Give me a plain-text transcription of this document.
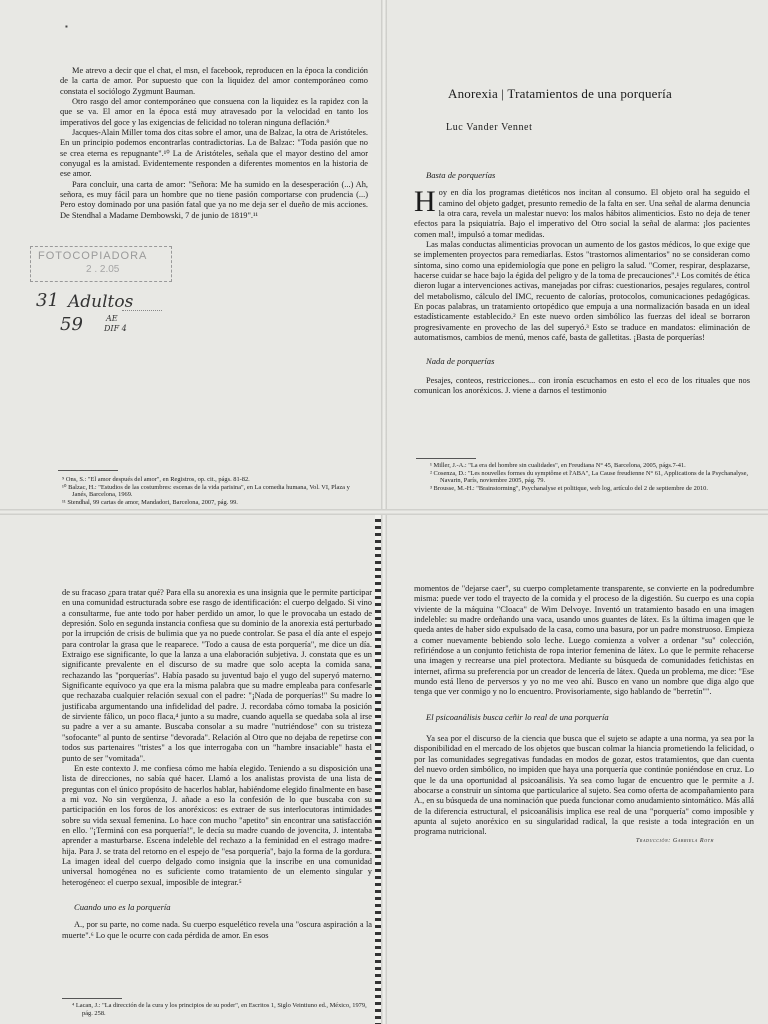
▪

Me atrevo a decir que el chat, el msn, el facebook, reproducen en la época la condición de la carta de amor. Por supuesto que con la liquidez del amor contemporáneo como constata el sociólogo Zygmunt Bauman.

Otro rasgo del amor contemporáneo que consuena con la liquidez es la rapidez con la que se va. El amor en la época está muy atravesado por la velocidad en tanto los imperativos del goce y las exigencias de felicidad no toleran ninguna deflación.⁹

Jacques-Alain Miller toma dos citas sobre el amor, una de Balzac, la otra de Aristóteles. En un principio podemos encontrarlas contradictorias. La de Balzac: "Toda pasión que no se crea eterna es repugnante".¹⁰ La de Aristóteles, señala que el mayor destino del amor conyugal es la amistad. Evidentemente responden a diferentes momentos en la historia de ese amor.

Para concluir, una carta de amor: "Señora: Me ha sumido en la desesperación (...) Ah, señora, es muy fácil para un hombre que no tiene pasión comportarse con prudencia (...) Pero estoy dominado por una pasión fatal que ya no me deja ser el dueño de mis acciones. De Stendhal a Madame Dembowski, 7 de junio de 1819".¹¹

FOTOCOPIADORA
2 . 2.05
31 Adultos
59	AE
DIF 4
⁹ Ons, S.: "El amor después del amor", en Registros, op. cit., págs. 81-82.
¹⁰ Balzac, H.: "Estudios de las costumbres: escenas de la vida parisina", en La comedia humana, Vol. VI, Plaza y Janés, Barcelona, 1969.
¹¹ Stendhal, 99 cartas de amor, Mandadori, Barcelona, 2007, pág. 99.
Anorexia | Tratamientos de una porquería
Luc Vander Vennet

Basta de porquerías

Hoy en día los programas dietéticos nos incitan al consumo. El objeto oral ha seguido el camino del objeto gadget, presunto remedio de la falta en ser. Una señal de alarma denuncia la otra cara, revela un malestar nuevo: los malos hábitos alimenticios. Esto no deja de tener efectos para la psiquiatría. Bajo el imperativo del Otro social la señal de alarma: ¡los pacientes comen mal!, impulsó a tomar medidas.

Las malas conductas alimenticias provocan un aumento de los gastos médicos, lo que exige que se implementen proyectos para remediarlas. Estos "trastornos alimentarios" no se consideran como síntoma, sino como una epidemiología que pone en peligro la salud. "Comer, respirar, desplazarse, hacerse cuidar se hace bajo la égida del peligro y de la toma de precauciones".¹ Los comités de ética dieron lugar a intervenciones activas, manejadas por cifras: cuestionarios, pesajes regulares, control del metabolismo, cálculo del IMC, recuento de calorías, protocolos, comunicaciones pedagógicas. En pocas palabras, un tratamiento ortopédico que empuja a una normalización basada en un ideal estadísticamente establecido.² En este nuevo orden simbólico las fuerzas del ideal se borraron progresivamente en provecho de las del superyó.³ Esto se traduce en mandatos: eliminación de automatismos, cambios de menú, menos café, basta de galletitas. ¡Basta de porquerías!

Nada de porquerías

Pesajes, conteos, restricciones... con ironía escuchamos en esto el eco de los rituales que nos comunican los anoréxicos. J. viene a darnos el testimonio

¹ Miller, J.-A.: "La era del hombre sin cualidades", en Freudiana N° 45, Barcelona, 2005, págs.7-41.
² Cosenza, D.: "Les nouvelles formes du symptôme et l'ABA", La Cause freudienne N° 61, Applications de la Psychanalyse, Navarin, París, noviembre 2005, pág. 79.
³ Brousse, M.-H.: "Brainstorming", Psychanalyse et politique, web log, artículo del 2 de septiembre de 2010.

de su fracaso ¿para tratar qué? Para ella su anorexia es una insignia que le permite participar en una comunidad estructurada sobre ese rasgo de identificación: el cuerpo delgado. Si vino a consultarme, fue ante todo por haber perdido un amor, lo que le provocaba un estado de depresión. Solo en segunda instancia confiesa que su dominio de la anorexia está perturbado por la irrupción de crisis de bulimia que ya no puede controlar. Se pasa el día ante el espejo para controlar la grasa que le reaparece. "Todo a causa de esta porquería", me dice un día. Extraigo ese significante, lo que la lanza a una elaboración subjetiva. J. constata que es un significante prevalente en el discurso de su madre que solo acepta la comida sana, rechazando las "porquerías". Había pasado su juventud bajo el yugo del superyó materno. Significante equívoco ya que era la misma palabra que su madre empleaba para confesarle que rechazaba cualquier relación sexual con el padre: "¡Nada de porquerías!" Su madre lo justificaba argumentando una infidelidad del padre. J. recordaba cómo tomaba la posición de sirviente fálico, un poco flaca,⁴ junto a su madre, cuando aquella se quedaba sola al irse su padre a ver a su amante. Buscaba consolar a su madre "nutriéndose" con su tristeza "sofocante" al punto de sentirse "devorada". Relación al Otro que no dejaba de repetirse con todos sus partenaires "tristes" a los que interrogaba con un "hambre insaciable" hasta el punto de ser "vomitada".

En este contexto J. me confiesa cómo me había elegido. Teniendo a su disposición una lista de direcciones, no sabía qué hacer. Llamó a los analistas provista de una lista de preguntas con el único propósito de hacerlos hablar, habiéndome elegido finalmente en base a mi voz. No sin vergüenza, J. añade a eso la confesión de lo que buscaba con su participación en los foros de los anoréxicos: es extraer de sus interlocutoras intimidades sobre su vida sexual femenina. Lo hace con mucho "apetito" sin encontrar una satisfacción en ello. "¡Terminá con esa porquería!", le decía su madre cuando de jovencita, J. intentaba aprender a masturbarse. Escena indeleble del rechazo a la feminidad en el estrago madre-hija. Para J. se trata del retorno en el espejo de "esa porquería", bajo la forma de la gordura. La imagen ideal del cuerpo delgado como insignia que la inscribe en una comunidad universal homogénea no es suficiente como tratamiento de un elemento singular y heterogéneo: el cuerpo sexual, imposible de integrar.⁵

Cuando uno es la porquería

A., por su parte, no come nada. Su cuerpo esquelético revela una "oscura aspiración a la muerte".⁶ Lo que le ocurre con cada pérdida de amor. En esos

⁴ Lacan, J.: "La dirección de la cura y los principios de su poder", en Escritos 1, Siglo Veintiuno ed., México, 1979, pág. 258.

momentos de "dejarse caer", su cuerpo completamente transparente, se convierte en la podredumbre misma: puede ver todo el trayecto de la comida y el proceso de la digestión. Su cuerpo es una copia viviente de la máquina "Cloaca" de Wim Delvoye. Inventó un tratamiento basado en una imagen indeleble: su madre ordeñando una vaca, usando unos guantes de látex. Es la última imagen que le queda antes de haber sido expulsado de la casa, como una basura, por un padre monstruoso. Empieza a comer nuevamente bebiendo solo leche. Luego comienza a volver a ordenar "su" colección, refiriéndose a un conjunto fetichista de ropa interior femenina de látex. Lo que le permite rehacerse una imagen y recrearse una piel protectora. Mediante su búsqueda de comunidades fetichistas en internet, afirma su preferencia por un creador de lencería de látex. Queda un problema, me dice: "Ese mundo está lleno de perversos y yo no me veo ahí. Busco en vano un nombre que diga algo que tenga que ver conmigo y no lo encuentro. Provisoriamente, sigo hablando de "berretín"".

El psicoanálisis busca ceñir lo real de una porquería

Ya sea por el discurso de la ciencia que busca que el sujeto se adapte a una norma, ya sea por la disponibilidad en el mercado de los objetos que buscan colmar la hiancia prometiendo la felicidad, o por las comunidades segregativas fundadas en modos de gozar, estos tratamientos, que dan cuenta del nuevo orden simbólico, no impiden que haya una porquería que continúe poniéndose en cruz. Lo que le da una oportunidad al psicoanálisis. Ya sea como lugar de encuentro que le permite a J. abocarse a construir un síntoma que particularice al sujeto. Sea como oferta de acompañamiento para A., en su búsqueda de una nominación que pueda funcionar como anudamiento sintomático. Más allá de la diferencia estructural, el psicoanálisis implica ese real de una "porquería" como imposible y apunta al sujeto anoréxico en su singularidad radical, la que resiste a toda integración en un programa nutricional.

Traducción: Gabriela Roth
